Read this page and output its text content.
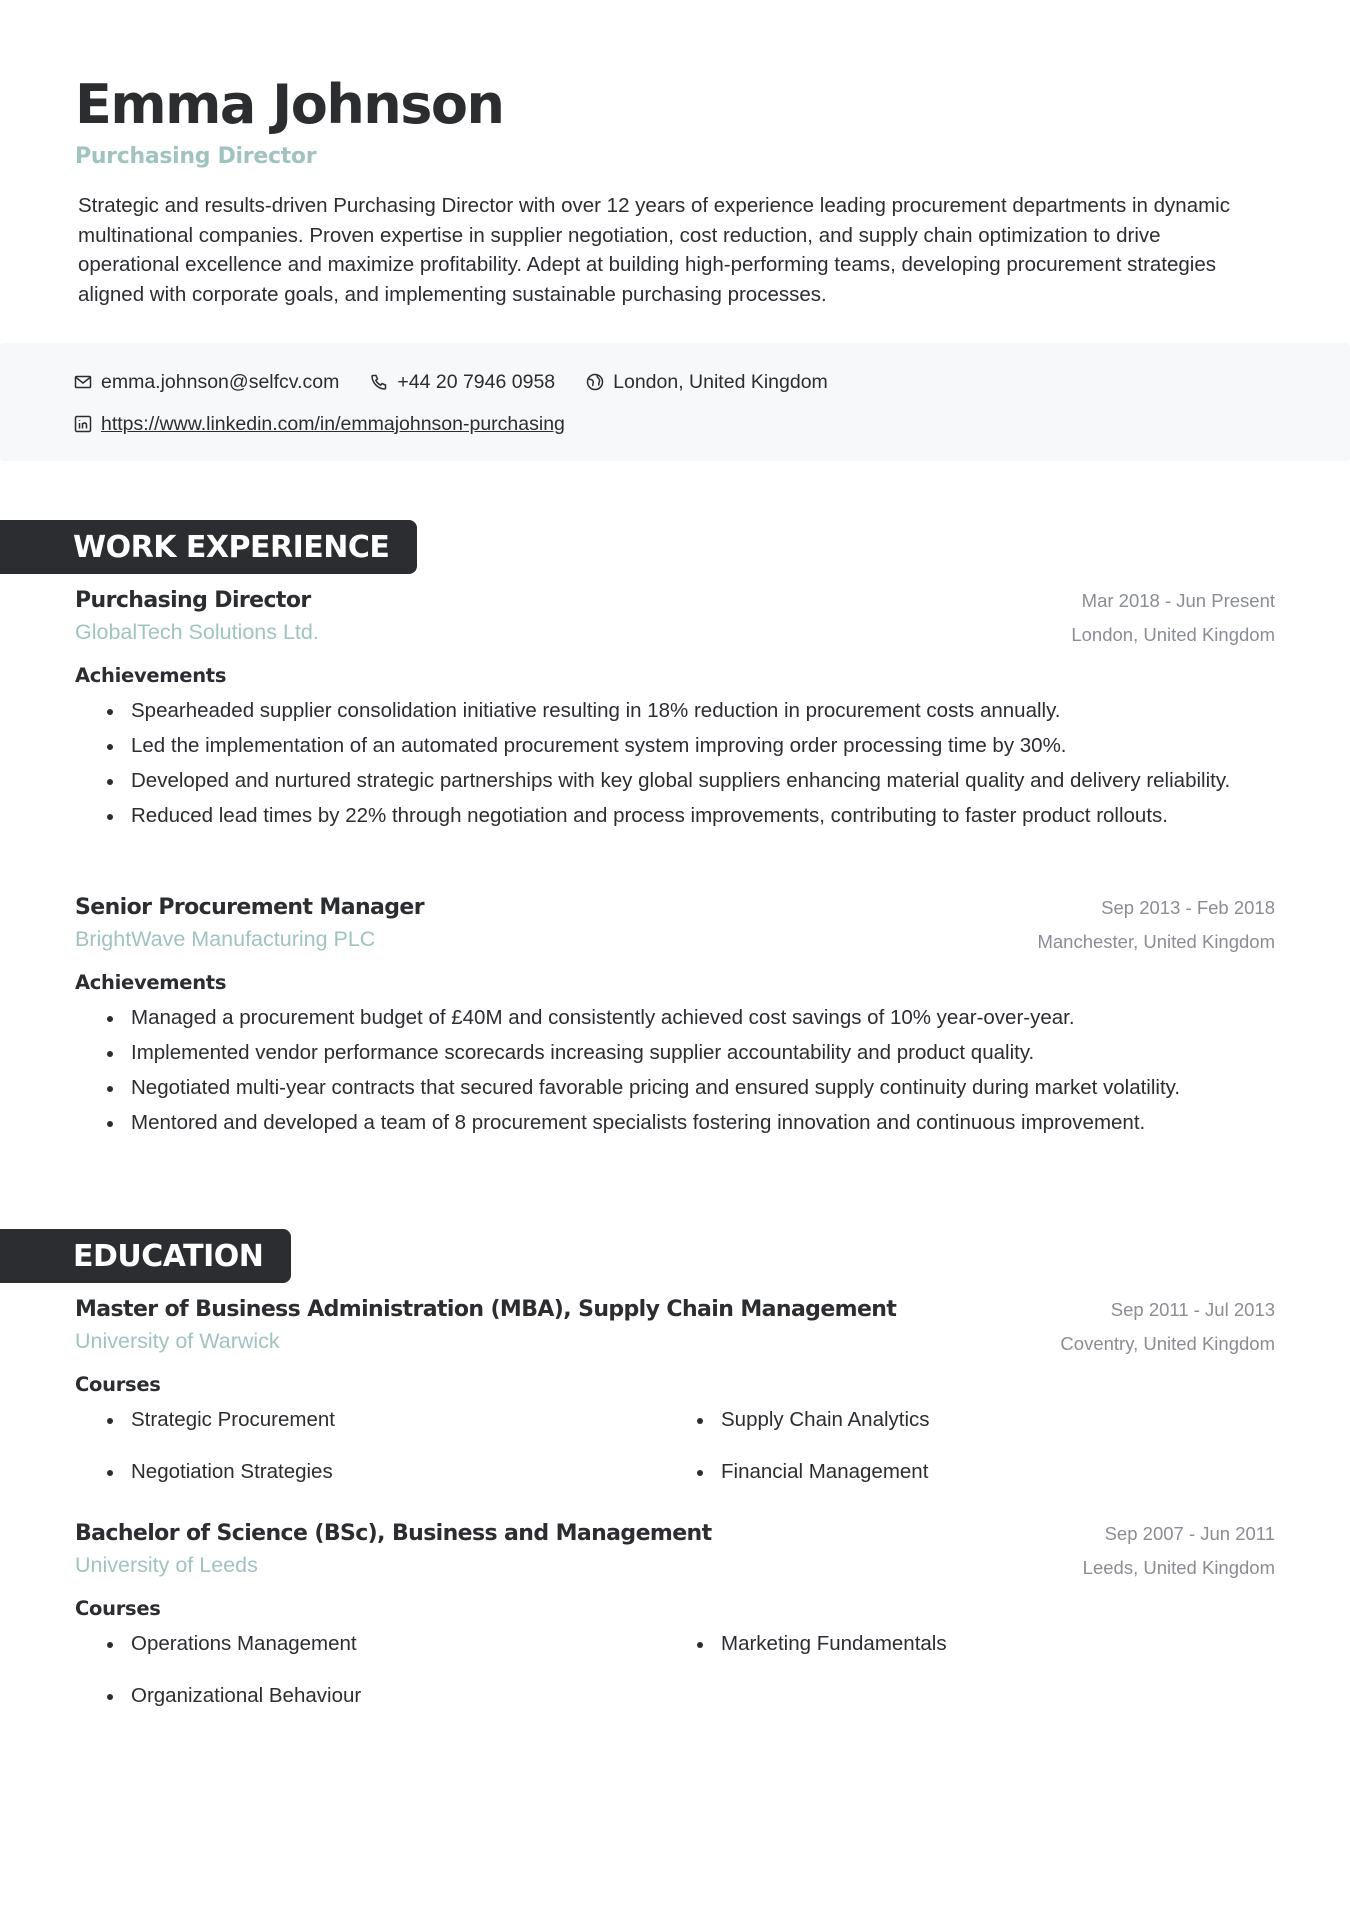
Emma Johnson
Purchasing Director

Strategic and results-driven Purchasing Director with over 12 years of experience leading procurement departments in dynamic multinational companies. Proven expertise in supplier negotiation, cost reduction, and supply chain optimization to drive operational excellence and maximize profitability. Adept at building high-performing teams, developing procurement strategies aligned with corporate goals, and implementing sustainable purchasing processes.

emma.johnson@selfcv.com	+44 20 7946 0958	London, United Kingdom
https://www.linkedin.com/in/emmajohnson-purchasing
WORK EXPERIENCE
Purchasing Director	Mar 2018 - Jun Present
GlobalTech Solutions Ltd.	London, United Kingdom
Achievements
Spearheaded supplier consolidation initiative resulting in 18% reduction in procurement costs annually.
Led the implementation of an automated procurement system improving order processing time by 30%.
Developed and nurtured strategic partnerships with key global suppliers enhancing material quality and delivery reliability.
Reduced lead times by 22% through negotiation and process improvements, contributing to faster product rollouts.
Senior Procurement Manager	Sep 2013 - Feb 2018
BrightWave Manufacturing PLC	Manchester, United Kingdom
Achievements
Managed a procurement budget of £40M and consistently achieved cost savings of 10% year-over-year.
Implemented vendor performance scorecards increasing supplier accountability and product quality.
Negotiated multi-year contracts that secured favorable pricing and ensured supply continuity during market volatility.
Mentored and developed a team of 8 procurement specialists fostering innovation and continuous improvement.
EDUCATION
Master of Business Administration (MBA), Supply Chain Management	Sep 2011 - Jul 2013
University of Warwick	Coventry, United Kingdom
Courses
Strategic Procurement	Supply Chain Analytics
Negotiation Strategies	Financial Management
Bachelor of Science (BSc), Business and Management	Sep 2007 - Jun 2011
University of Leeds	Leeds, United Kingdom
Courses
Operations Management	Marketing Fundamentals
Organizational Behaviour
